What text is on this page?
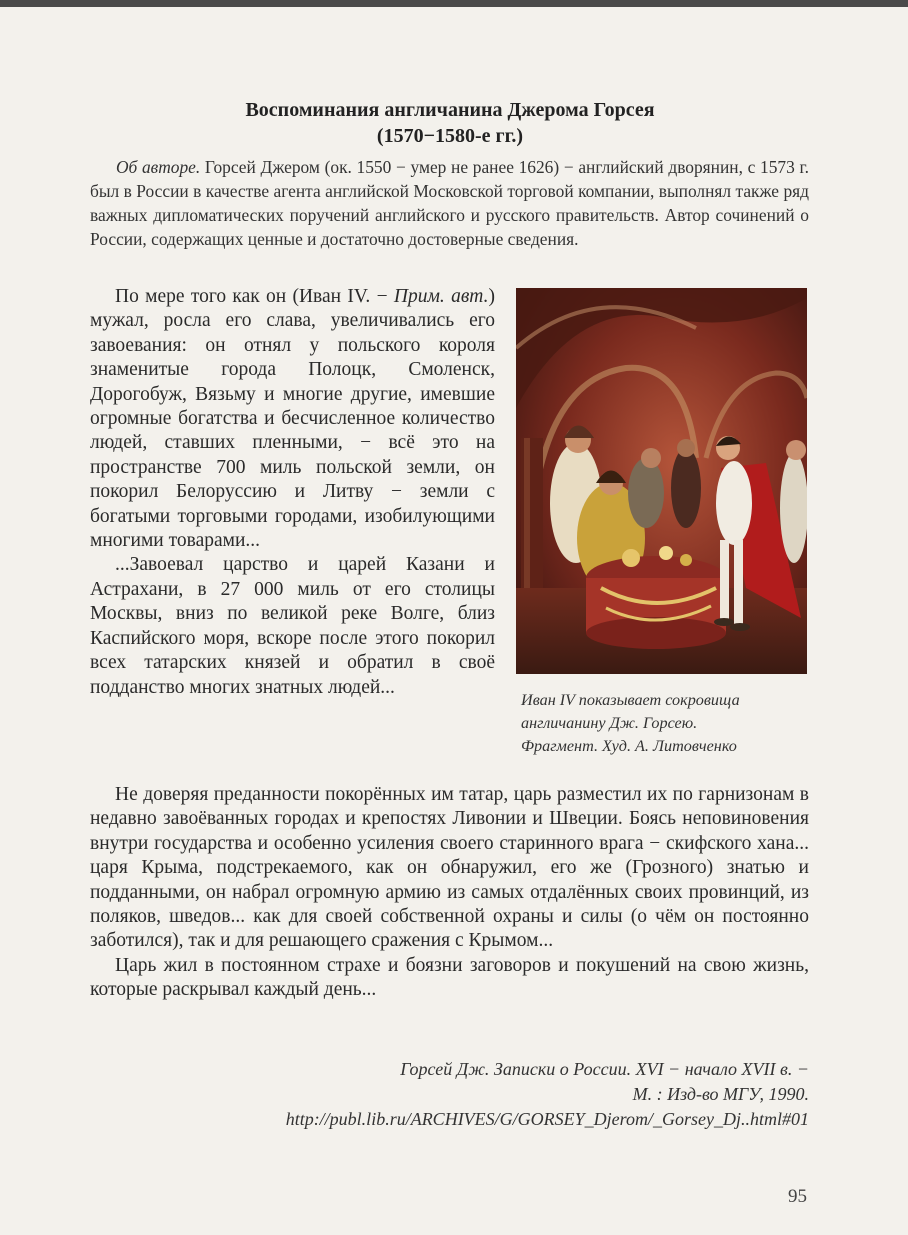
Воспоминания англичанина Джерома Горсея
(1570−1580-е гг.)
Об авторе. Горсей Джером (ок. 1550 − умер не ранее 1626) − английский дворянин, с 1573 г. был в России в качестве агента английской Московской торговой компании, выполнял также ряд важных дипломатических поручений английского и русского правительств. Автор сочинений о России, содержащих ценные и достаточно достоверные сведения.

По мере того как он (Иван IV. − Прим. авт.) мужал, росла его слава, увеличивались его завоевания: он отнял у польского короля знаменитые города Полоцк, Смоленск, Дорогобуж, Вязьму и многие другие, имевшие огромные богатства и бесчисленное количество людей, ставших пленными, − всё это на пространстве 700 миль польской земли, он покорил Белоруссию и Литву − земли с богатыми торговыми городами, изобилующими многими товарами...

...Завоевал царство и царей Казани и Астрахани, в 27 000 миль от его столицы Москвы, вниз по великой реке Волге, близ Каспийского моря, вскоре после этого покорил всех татарских князей и обратил в своё подданство многих знатных людей...

Иван IV показывает сокровища
англичанину Дж. Горсею.
Фрагмент. Худ. А. Литовченко

Не доверяя преданности покорённых им татар, царь разместил их по гарнизонам в недавно завоёванных городах и крепостях Ливонии и Швеции. Боясь неповиновения внутри государства и особенно усиления своего старинного врага − скифского хана... царя Крыма, подстрекаемого, как он обнаружил, его же (Грозного) знатью и подданными, он набрал огромную армию из самых отдалённых своих провинций, из поляков, шведов... как для своей собственной охраны и силы (о чём он постоянно заботился), так и для решающего сражения с Крымом...

Царь жил в постоянном страхе и боязни заговоров и покушений на свою жизнь, которые раскрывал каждый день...

Горсей Дж. Записки о России. XVI − начало XVII в. −
М. : Изд-во МГУ, 1990.
http://publ.lib.ru/ARCHIVES/G/GORSEY_Djerom/_Gorsey_Dj..html#01
95
